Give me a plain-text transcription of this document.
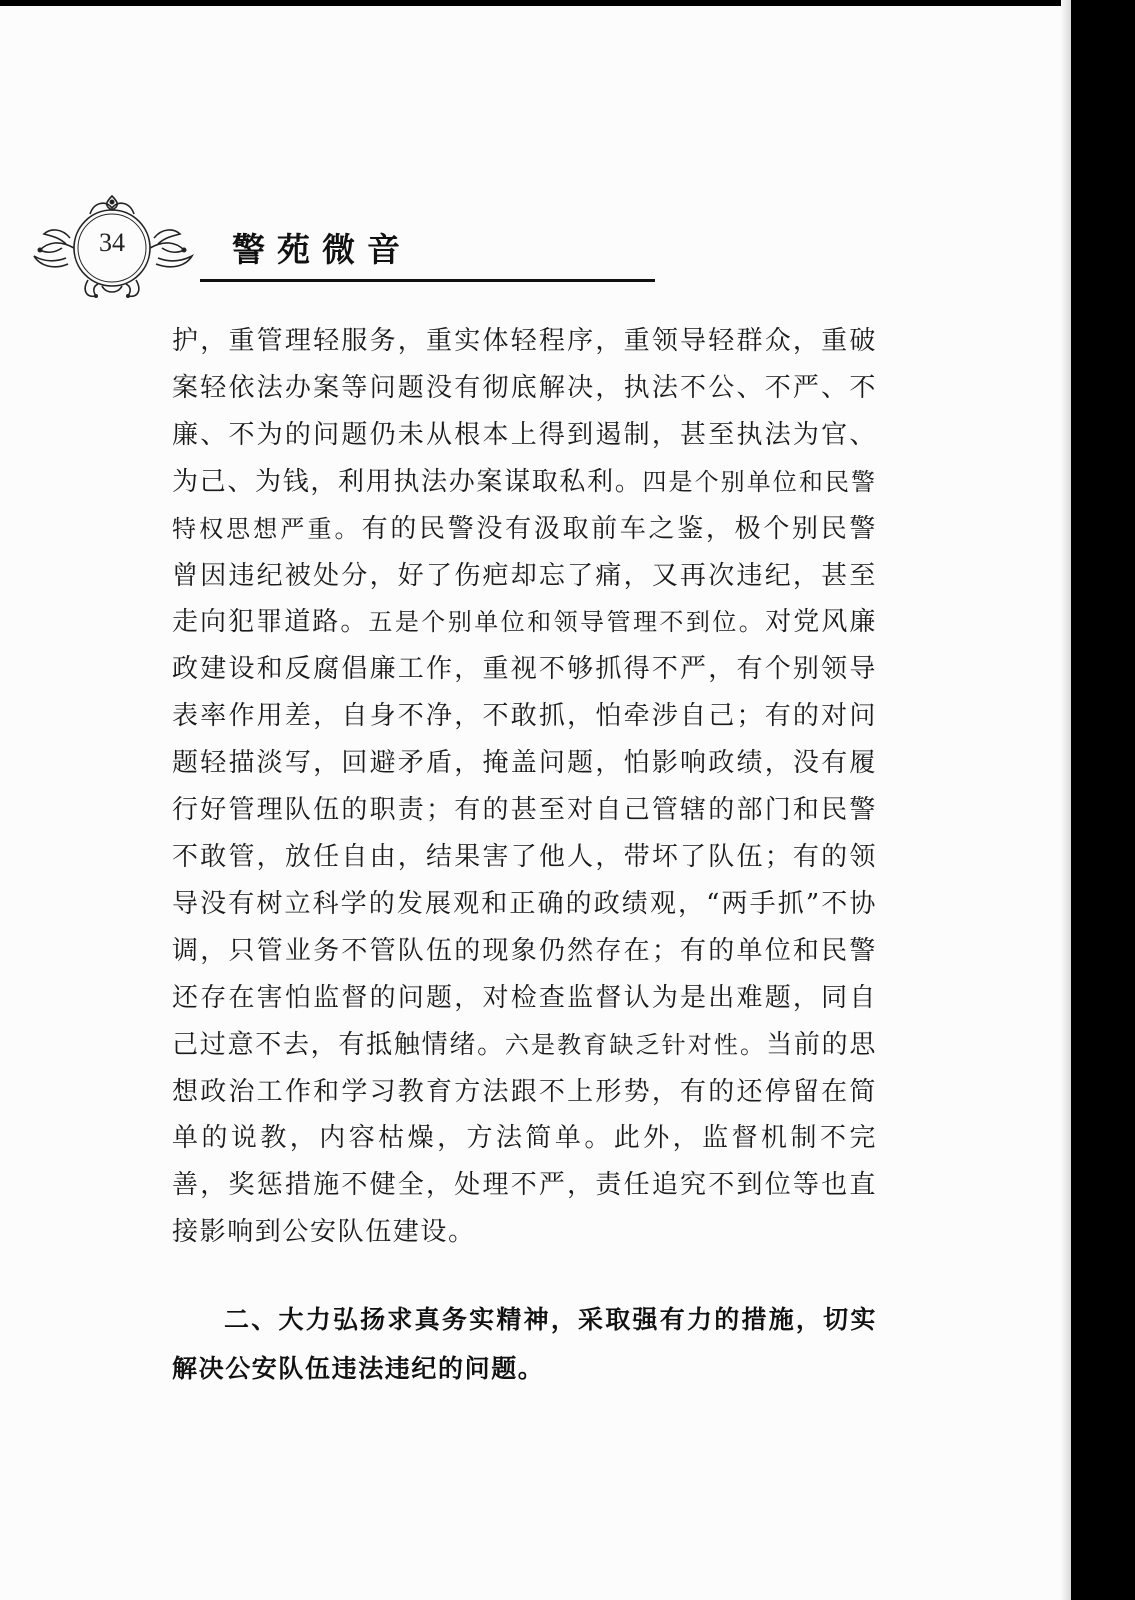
34	警苑微音
护，重管理轻服务，重实体轻程序，重领导轻群众，重破案轻依法办案等问题没有彻底解决，执法不公、不严、不廉、不为的问题仍未从根本上得到遏制，甚至执法为官、为己、为钱，利用执法办案谋取私利。四是个别单位和民警特权思想严重。有的民警没有汲取前车之鉴，极个别民警曾因违纪被处分，好了伤疤却忘了痛，又再次违纪，甚至走向犯罪道路。五是个别单位和领导管理不到位。对党风廉政建设和反腐倡廉工作，重视不够抓得不严，有个别领导表率作用差，自身不净，不敢抓，怕牵涉自己；有的对问题轻描淡写，回避矛盾，掩盖问题，怕影响政绩，没有履行好管理队伍的职责；有的甚至对自己管辖的部门和民警不敢管，放任自由，结果害了他人，带坏了队伍；有的领导没有树立科学的发展观和正确的政绩观，“两手抓”不协调，只管业务不管队伍的现象仍然存在；有的单位和民警还存在害怕监督的问题，对检查监督认为是出难题，同自己过意不去，有抵触情绪。六是教育缺乏针对性。当前的思想政治工作和学习教育方法跟不上形势，有的还停留在简单的说教，内容枯燥，方法简单。此外，监督机制不完善，奖惩措施不健全，处理不严，责任追究不到位等也直接影响到公安队伍建设。
二、大力弘扬求真务实精神，采取强有力的措施，切实解决公安队伍违法违纪的问题。
